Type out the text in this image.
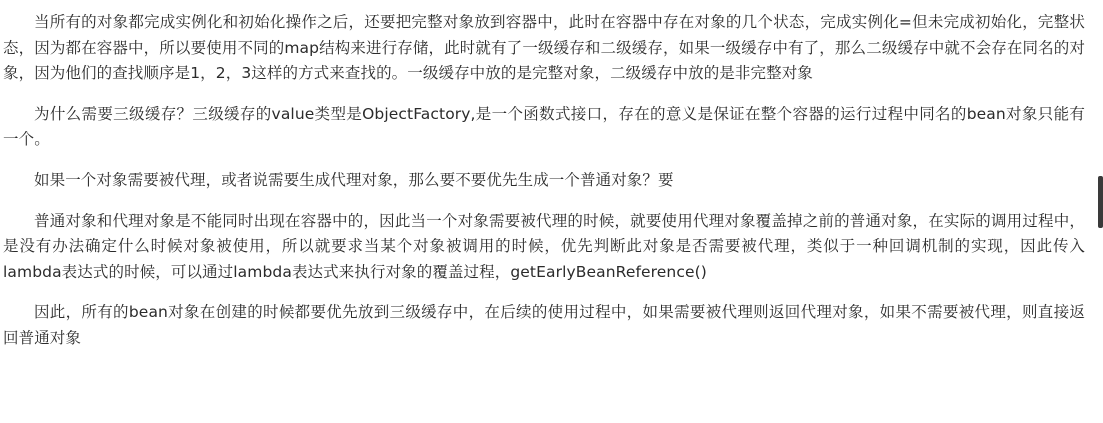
当所有的对象都完成实例化和初始化操作之后，还要把完整对象放到容器中，此时在容器中存在对象的几个状态，完成实例化=但未完成初始化，完整状态，因为都在容器中，所以要使用不同的map结构来进行存储，此时就有了一级缓存和二级缓存，如果一级缓存中有了，那么二级缓存中就不会存在同名的对象，因为他们的查找顺序是1，2，3这样的方式来查找的。一级缓存中放的是完整对象，二级缓存中放的是非完整对象

为什么需要三级缓存？三级缓存的value类型是ObjectFactory,是一个函数式接口，存在的意义是保证在整个容器的运行过程中同名的bean对象只能有一个。

如果一个对象需要被代理，或者说需要生成代理对象，那么要不要优先生成一个普通对象？要

普通对象和代理对象是不能同时出现在容器中的，因此当一个对象需要被代理的时候，就要使用代理对象覆盖掉之前的普通对象，在实际的调用过程中，是没有办法确定什么时候对象被使用，所以就要求当某个对象被调用的时候，优先判断此对象是否需要被代理，类似于一种回调机制的实现，因此传入lambda表达式的时候，可以通过lambda表达式来执行对象的覆盖过程，getEarlyBeanReference()

因此，所有的bean对象在创建的时候都要优先放到三级缓存中，在后续的使用过程中，如果需要被代理则返回代理对象，如果不需要被代理，则直接返回普通对象
